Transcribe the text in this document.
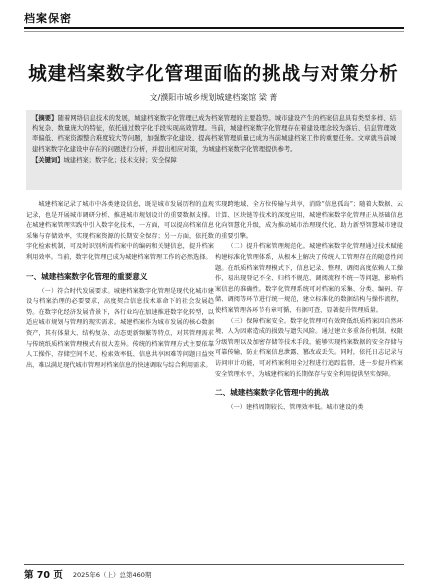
档案保密
城建档案数字化管理面临的挑战与对策分析
文/濮阳市城乡规划城建档案馆 梁 菁
【摘要】随着网络信息技术的发展，城建档案数字化管理已成为档案管理的主要趋势。城市建设产生的档案信息具有类型多样、结构复杂、数量庞大的特征，依托通过数字化手段实现高效管理。当前，城建档案数字化管理存在着建设理念较为落后、信息管理效率偏低、档案资源整合难度较大等问题，加强数字化建设、提高档案管理质量已成为当前城建档案工作的重要任务。文章就当前城建档案数字化建设中存在的问题进行分析，并提出相应对策，为城建档案数字化管理提供参考。
【关键词】城建档案；数字化；技术支持；安全保障

城建档案记录了城市中各类建设信息，既是城市发展历程的直观记录，也是开展城市调研分析、推进城市规划设计的重要数据支撑。在城建档案管理实践中引入数字化技术，一方面，可以提高档案信息采集与存储效率，实现档案资源的长期安全保存；另一方面，依托数字化检索机制，可及时识别所需档案中的编码和关键信息，提升档案利用效率。当前，数字化管理已成为城建档案管理工作的必然选择。

一、城建档案数字化管理的重要意义

（一）符合时代发展要求。城建档案数字化管理是现代化城市建设与档案治理的必要要求，高度契合信息技术革命下的社会发展趋势。在数字化经济发展背景下，各行业均在加速推进数字化转型，以适应城市规划与管理的现实需求。城建档案作为城市发展的核心数据资产，其有体量大、结构复杂、动态更新频繁等特点，对其管理需求与传统纸质档案管理模式有很大差异。传统的档案管理方式主要依靠人工操作，存储空间不足、检索效率低、信息共享困难等问题日益突出，难以满足现代城市管理对档案信息的快速调取与综合利用需求。

实现跨地域、全方位传输与共享，消除“信息孤岛”；随着大数据、云计算、区块链等技术的深度应用，城建档案数字化管理正从基础信息化向智慧化升级，成为推动城市治理现代化、助力新型智慧城市建设的重要引擎。

（二）提升档案管理规范化。城建档案数字化管理通过技术赋能构建标准化管理体系，从根本上解决了传统人工管理存在的随意性问题。在纸质档案管理模式下，信息记录、整理、调阅高度依赖人工操作，易出现登记不全、归档不规范、调阅流程不统一等问题，影响档案信息的准确性。数字化管理系统可对档案的采集、分类、编码、存储、调阅等环节进行统一规范，建立标准化的数据结构与操作流程，使档案管理各环节有章可循、有据可查，显著提升管理质量。

（三）保障档案安全。数字化管理可有效降低纸质档案因自然环境、人为因素造成的损毁与遗失风险。通过建立多重备份机制、权限分级管理以及加密存储等技术手段，能够实现档案数据的安全存储与可靠传输，防止档案信息泄露、篡改或丢失。同时，依托日志记录与访问审计功能，可对档案利用全过程进行追踪监督，进一步提升档案安全管理水平，为城建档案的长期保存与安全利用提供坚实保障。

二、城建档案数字化管理中的挑战

（一）建档周期较长、管理效率低。城市建设的类

第 70 页 2025年6（上）总第460期
